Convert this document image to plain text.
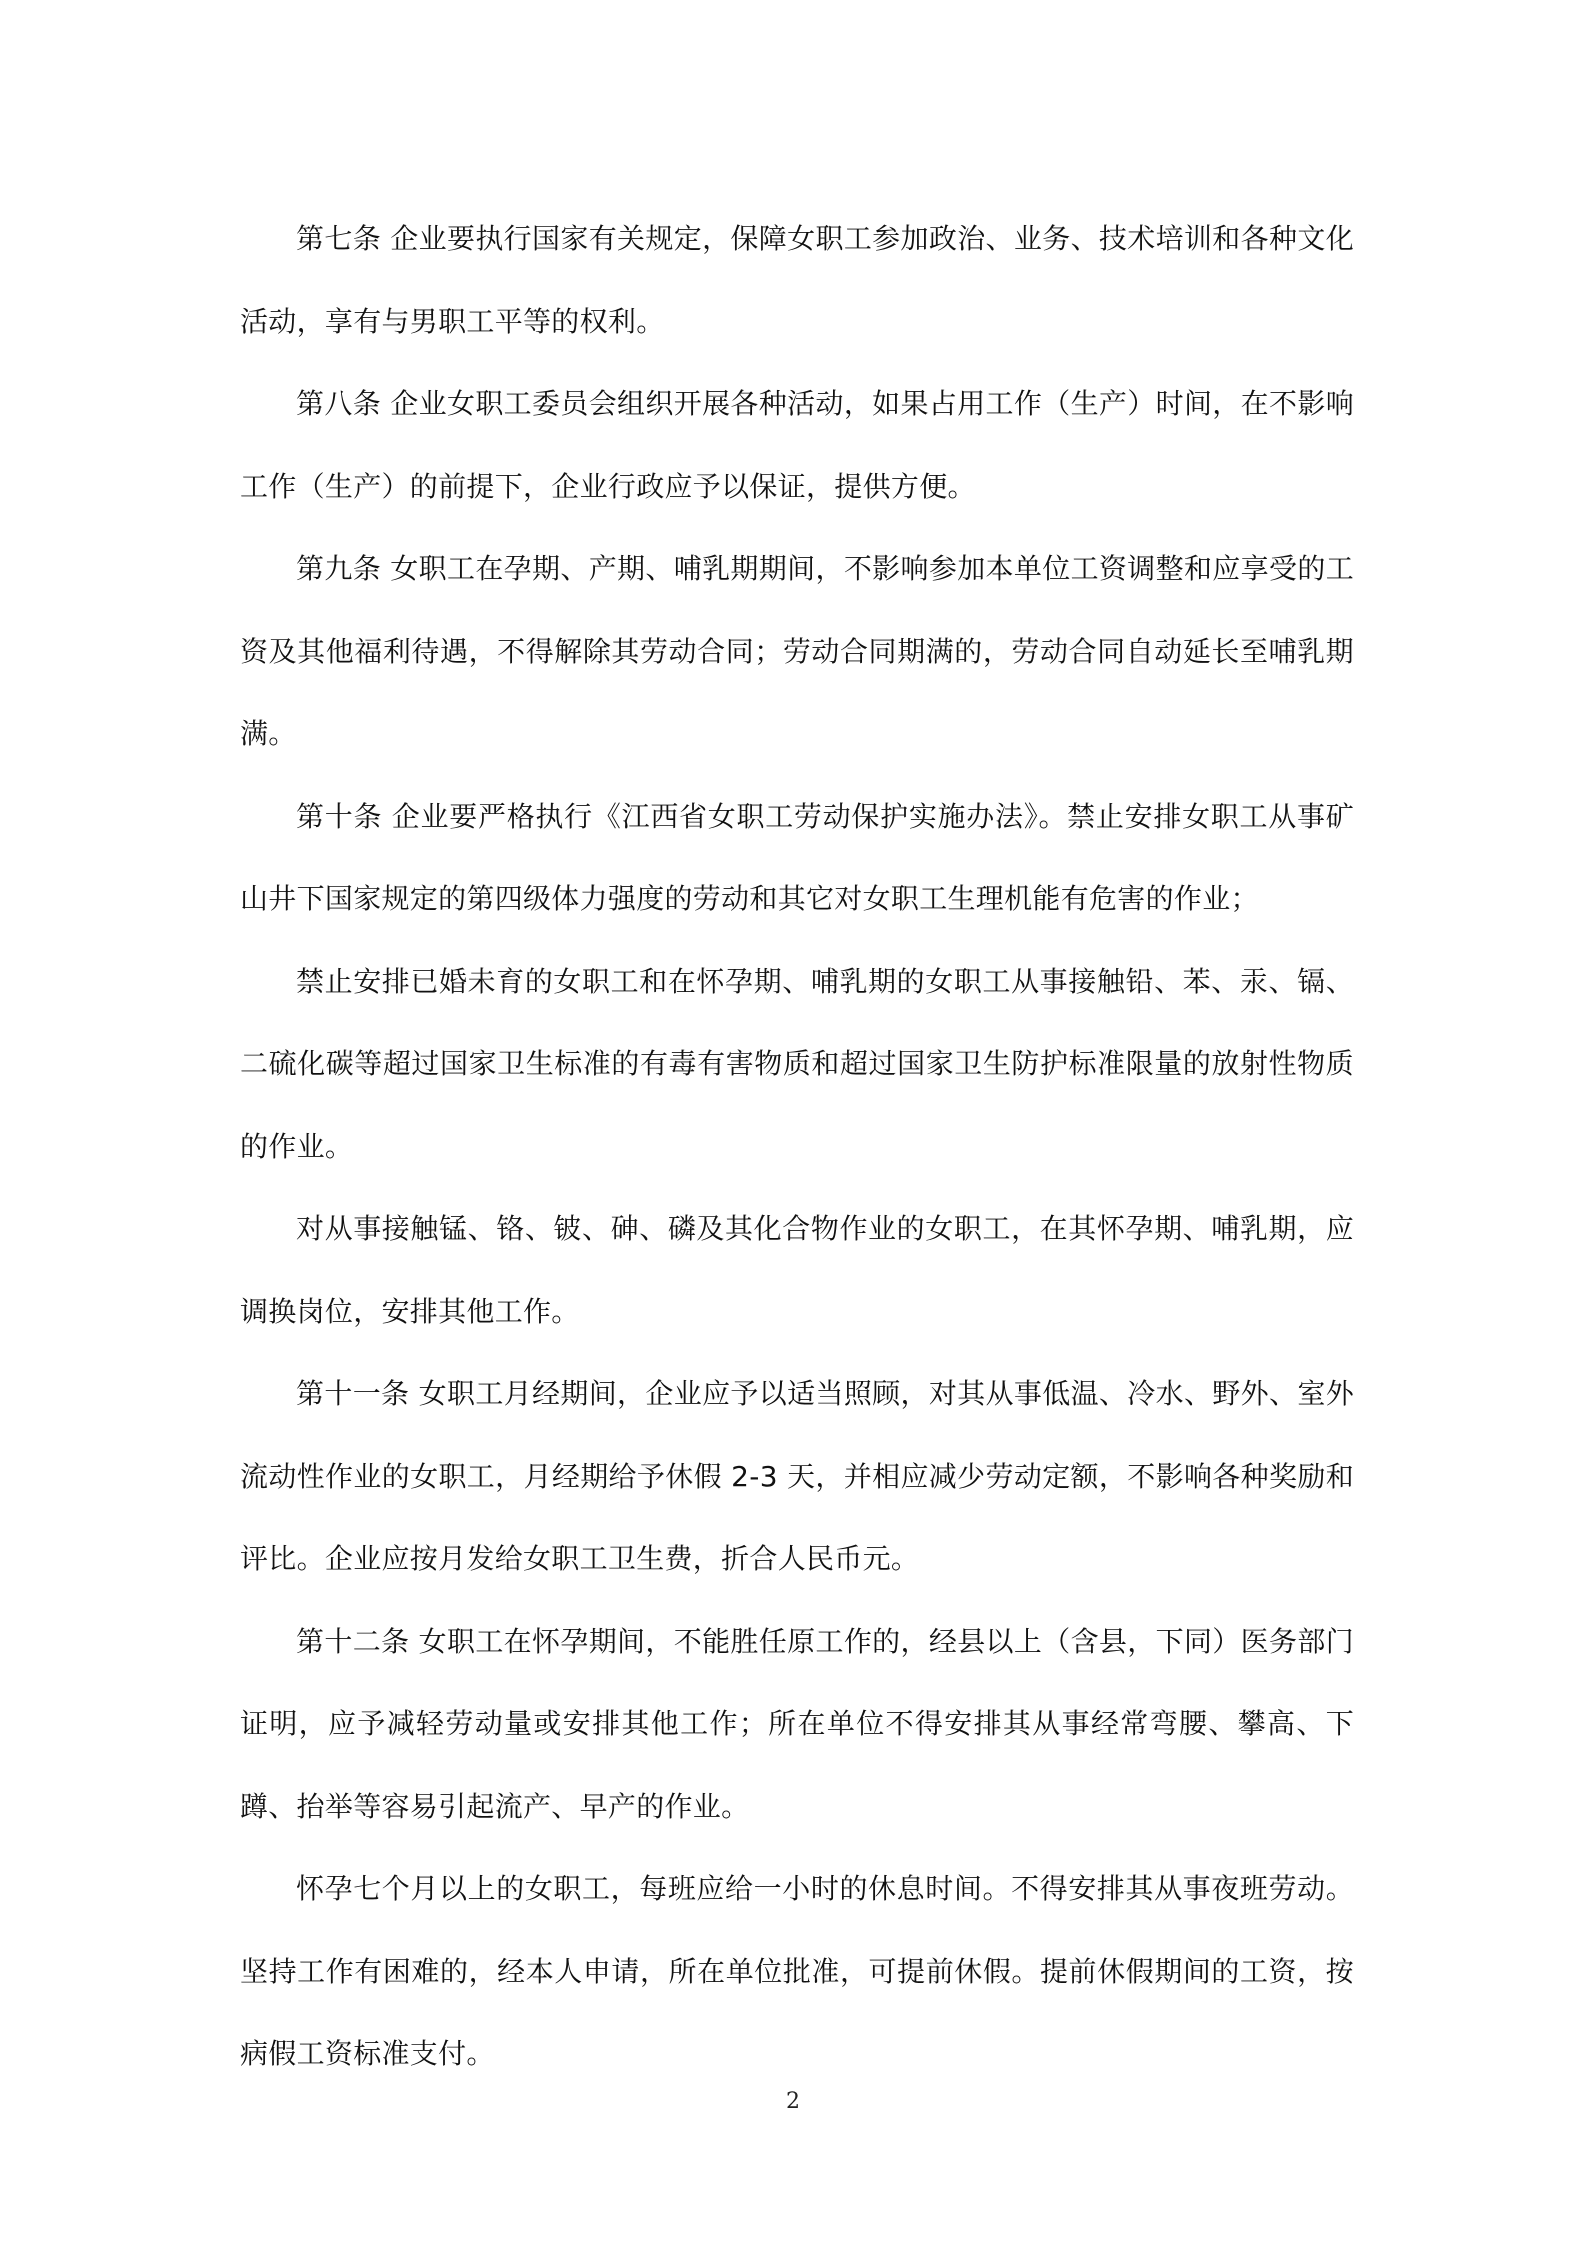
第七条 企业要执行国家有关规定，保障女职工参加政治、业务、技术培训和各种文化活动，享有与男职工平等的权利。

第八条 企业女职工委员会组织开展各种活动，如果占用工作（生产）时间，在不影响工作（生产）的前提下，企业行政应予以保证，提供方便。

第九条 女职工在孕期、产期、哺乳期期间，不影响参加本单位工资调整和应享受的工资及其他福利待遇，不得解除其劳动合同；劳动合同期满的，劳动合同自动延长至哺乳期满。

第十条 企业要严格执行《江西省女职工劳动保护实施办法》。禁止安排女职工从事矿山井下国家规定的第四级体力强度的劳动和其它对女职工生理机能有危害的作业；

禁止安排已婚未育的女职工和在怀孕期、哺乳期的女职工从事接触铅、苯、汞、镉、二硫化碳等超过国家卫生标准的有毒有害物质和超过国家卫生防护标准限量的放射性物质的作业。

对从事接触锰、铬、铍、砷、磷及其化合物作业的女职工，在其怀孕期、哺乳期，应调换岗位，安排其他工作。

第十一条 女职工月经期间，企业应予以适当照顾，对其从事低温、冷水、野外、室外流动性作业的女职工，月经期给予休假 2-3 天，并相应减少劳动定额，不影响各种奖励和评比。企业应按月发给女职工卫生费，折合人民币元。

第十二条 女职工在怀孕期间，不能胜任原工作的，经县以上（含县，下同）医务部门证明，应予减轻劳动量或安排其他工作；所在单位不得安排其从事经常弯腰、攀高、下蹲、抬举等容易引起流产、早产的作业。

怀孕七个月以上的女职工，每班应给一小时的休息时间。不得安排其从事夜班劳动。坚持工作有困难的，经本人申请，所在单位批准，可提前休假。提前休假期间的工资，按病假工资标准支付。

2
